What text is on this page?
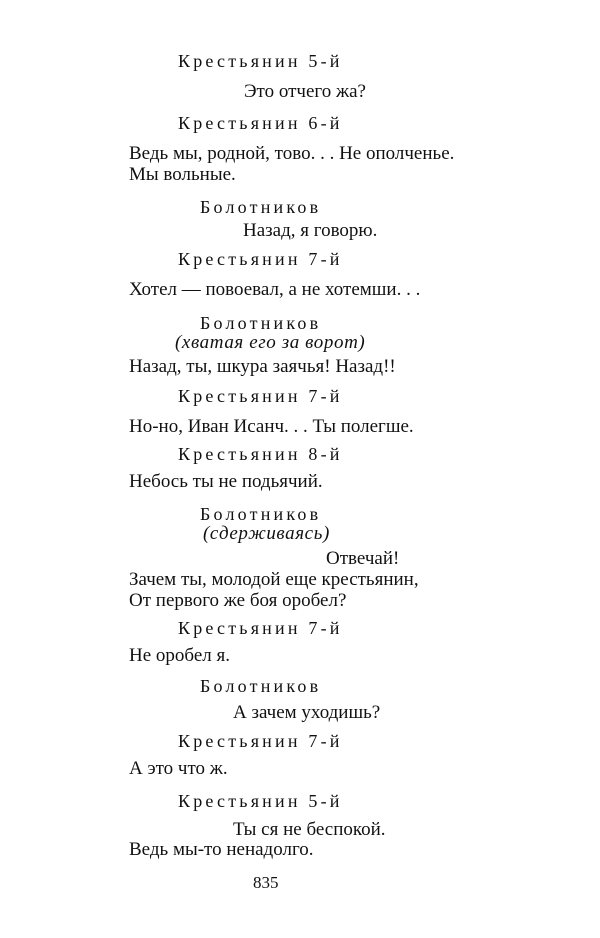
Крестьянин 5-й
Это отчего жа?
Крестьянин 6-й
Ведь мы, родной, тово. . . Не ополченье.
Мы вольные.
Болотников
Назад, я говорю.
Крестьянин 7-й
Хотел — повоевал, а не хотемши. . .
Болотников
(хватая его за ворот)
Назад, ты, шкура заячья! Назад!!
Крестьянин 7-й
Но-но, Иван Исанч. . . Ты полегше.
Крестьянин 8-й
Небось ты не подьячий.
Болотников
(сдерживаясь)
Отвечай!
Зачем ты, молодой еще крестьянин,
От первого же боя оробел?
Крестьянин 7-й
Не оробел я.
Болотников
А зачем уходишь?
Крестьянин 7-й
А это что ж.
Крестьянин 5-й
Ты ся не беспокой.
Ведь мы-то ненадолго.
835
